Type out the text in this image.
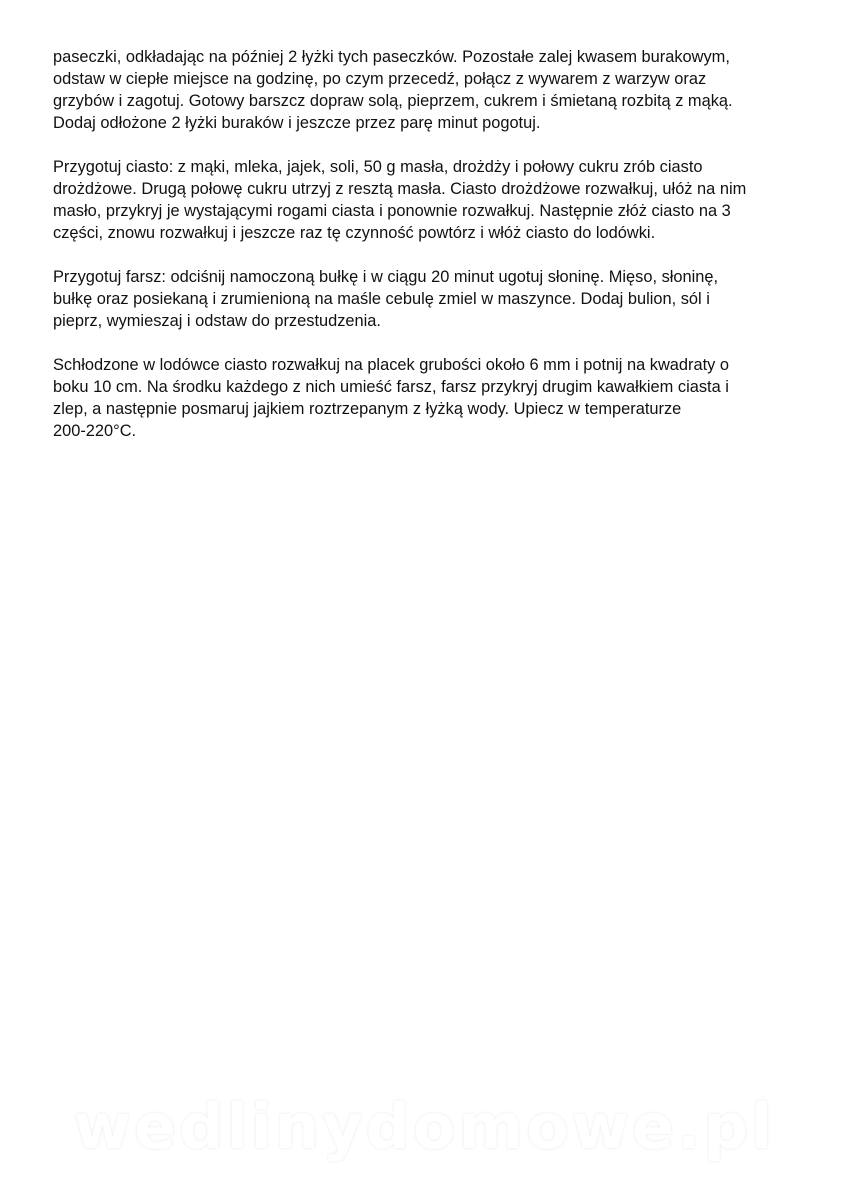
paseczki, odkładając na później 2 łyżki tych paseczków. Pozostałe zalej kwasem burakowym,
odstaw w ciepłe miejsce na godzinę, po czym przecedź, połącz z wywarem z warzyw oraz
grzybów i zagotuj. Gotowy barszcz dopraw solą, pieprzem, cukrem i śmietaną rozbitą z mąką.
Dodaj odłożone 2 łyżki buraków i jeszcze przez parę minut pogotuj.

Przygotuj ciasto: z mąki, mleka, jajek, soli, 50 g masła, drożdży i połowy cukru zrób ciasto
drożdżowe. Drugą połowę cukru utrzyj z resztą masła. Ciasto drożdżowe rozwałkuj, ułóż na nim
masło, przykryj je wystającymi rogami ciasta i ponownie rozwałkuj. Następnie złóż ciasto na 3
części, znowu rozwałkuj i jeszcze raz tę czynność powtórz i włóż ciasto do lodówki.

Przygotuj farsz: odciśnij namoczoną bułkę i w ciągu 20 minut ugotuj słoninę. Mięso, słoninę,
bułkę oraz posiekaną i zrumienioną na maśle cebulę zmiel w maszynce. Dodaj bulion, sól i
pieprz, wymieszaj i odstaw do przestudzenia.

Schłodzone w lodówce ciasto rozwałkuj na placek grubości około 6 mm i potnij na kwadraty o
boku 10 cm. Na środku każdego z nich umieść farsz, farsz przykryj drugim kawałkiem ciasta i
zlep, a następnie posmaruj jajkiem roztrzepanym z łyżką wody. Upiecz w temperaturze
200-220°C.

wedlinydomowe.pl
